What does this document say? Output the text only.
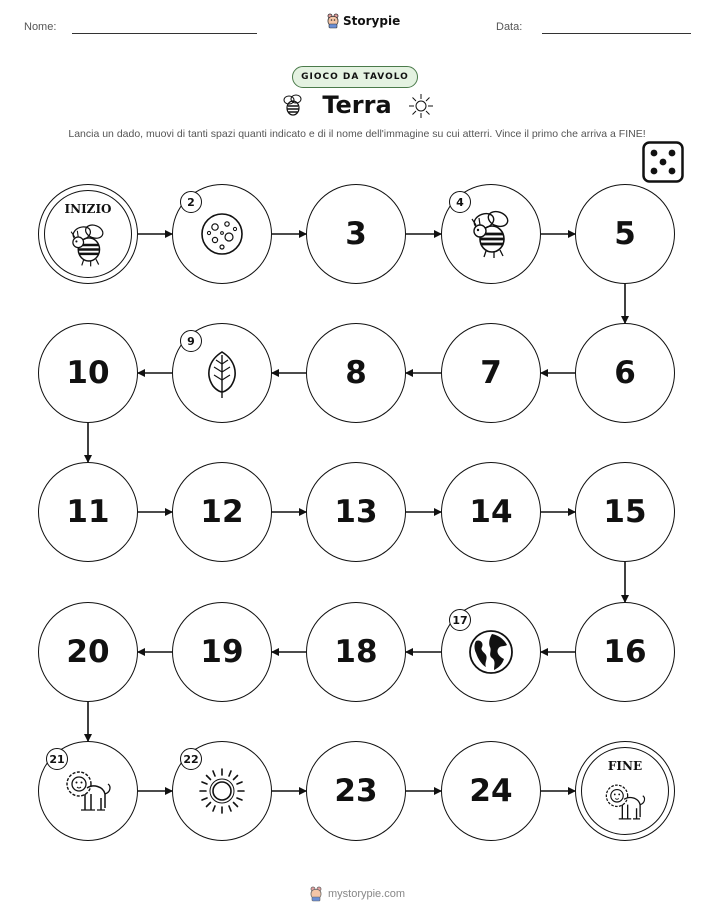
Nome:	Storypie	Data:
GIOCO DA TAVOLO
Terra
Lancia un dado, muovi di tanti spazi quanti indicato e di il nome dell'immagine su cui atterri. Vince il primo che arriva a FINE!
INIZIO	2
3
4
5
6
7
8
9
10
11	12	13	14	15
16
17
18
19
20
21	22
23	24
FINE
mystorypie.com
